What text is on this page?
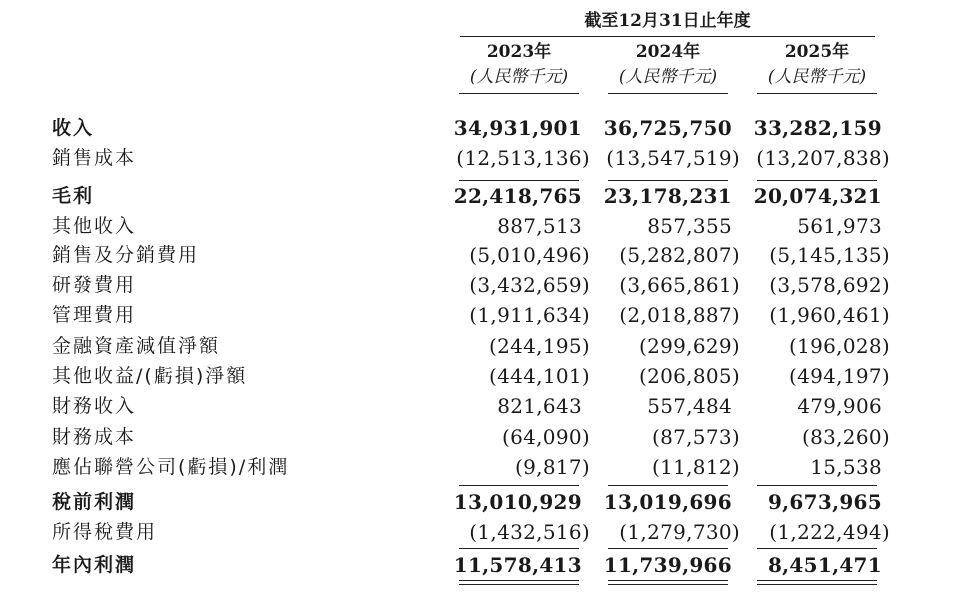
截至12月31日止年度
2023年	2024年	2025年
(人民幣千元)	(人民幣千元)	(人民幣千元)
收入	34,931,901	36,725,750	33,282,159
銷售成本	(12,513,136) (13,547,519) (13,207,838)
毛利	22,418,765	23,178,231	20,074,321
其他收入	887,513	857,355	561,973
銷售及分銷費用	(5,010,496)	(5,282,807)	(5,145,135)
研發費用	(3,432,659)	(3,665,861)	(3,578,692)
管理費用	(1,911,634)	(2,018,887)	(1,960,461)
金融資產減值淨額	(244,195)	(299,629)	(196,028)
其他收益/(虧損)淨額	(444,101)	(206,805)	(494,197)
財務收入	821,643	557,484	479,906
財務成本	(64,090)	(87,573)	(83,260)
應佔聯營公司(虧損)/利潤	(9,817)	(11,812)	15,538
稅前利潤	13,010,929	13,019,696	9,673,965
所得稅費用	(1,432,516)	(1,279,730)	(1,222,494)
年內利潤	11,578,413	11,739,966	8,451,471
